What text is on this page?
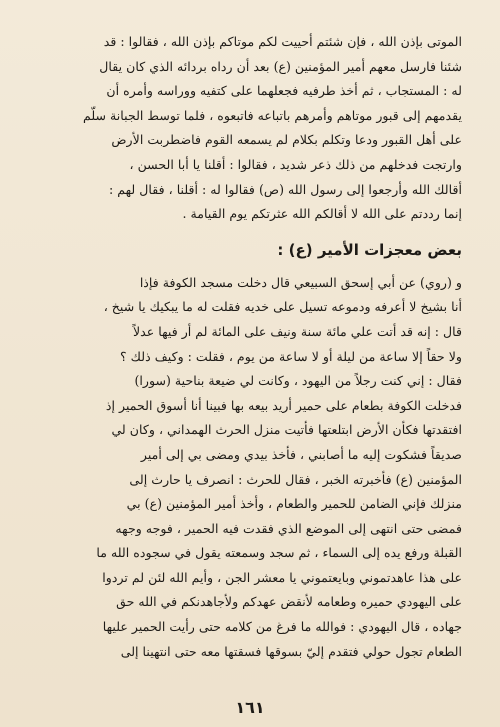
الموتى بإذن الله ، فإن شئتم أحييت لكم موتاكم بإذن الله ، فقالوا : قد
شئنا فارسل معهم أمير المؤمنين (ع) بعد أن رداه بردائه الذي كان يقال
له : المستجاب ، ثم أخذ طرفيه فجعلهما على كتفيه ووراسه وأمره أن
يقدمهم إلى قبور موتاهم وأمرهم باتباعه فاتبعوه ، فلما توسط الجبانة سلّم
على أهل القبور ودعا وتكلم بكلام لم يسمعه القوم فاضطربت الأرض
وارتجت فدخلهم من ذلك ذعر شديد ، فقالوا : أقلنا يا أبا الحسن ،
أقالك الله وأرجعوا إلى رسول الله (ص) فقالوا له : أقلنا ، فقال لهم :
إنما رددتم على الله لا أقالكم الله عثرتكم يوم القيامة .
بعض معجزات الأمير (ع) :
و (روي) عن أبي إسحق السبيعي قال دخلت مسجد الكوفة فإذا
أنا بشيخ لا أعرفه ودموعه تسيل على خديه فقلت له ما يبكيك يا شيخ ،
قال : إنه قد أتت علي مائة سنة ونيف على المائة لم أر فيها عدلاً
ولا حقاً إلا ساعة من ليلة أو لا ساعة من يوم ، فقلت : وكيف ذلك ؟
فقال : إني كنت رجلاً من اليهود ، وكانت لي ضيعة بناحية (سورا)
فدخلت الكوفة بطعام على حمير أريد بيعه بها فبينا أنا أسوق الحمير إذ
افتقدتها فكأن الأرض ابتلعتها فأتيت منزل الحرث الهمداني ، وكان لي
صديقاً فشكوت إليه ما أصابني ، فأخذ بيدي ومضى بي إلى أمير
المؤمنين (ع) فأخبرته الخبر ، فقال للحرث : انصرف يا حارث إلى
منزلك فإني الضامن للحمير والطعام ، وأخذ أمير المؤمنين (ع) بي
فمضى حتى انتهى إلى الموضع الذي فقدت فيه الحمير ، فوجه وجهه
القبلة ورفع يده إلى السماء ، ثم سجد وسمعته يقول في سجوده الله ما
على هذا عاهدتموني وبايعتموني يا معشر الجن ، وأيم الله لئن لم تردوا
على اليهودي حميره وطعامه لأنقض عهدكم ولأجاهدنكم في الله حق
جهاده ، قال اليهودي : فوالله ما فرغ من كلامه حتى رأيت الحمير عليها
الطعام تجول حولي فتقدم إليّ بسوقها فسقتها معه حتى انتهينا إلى
١٦١
